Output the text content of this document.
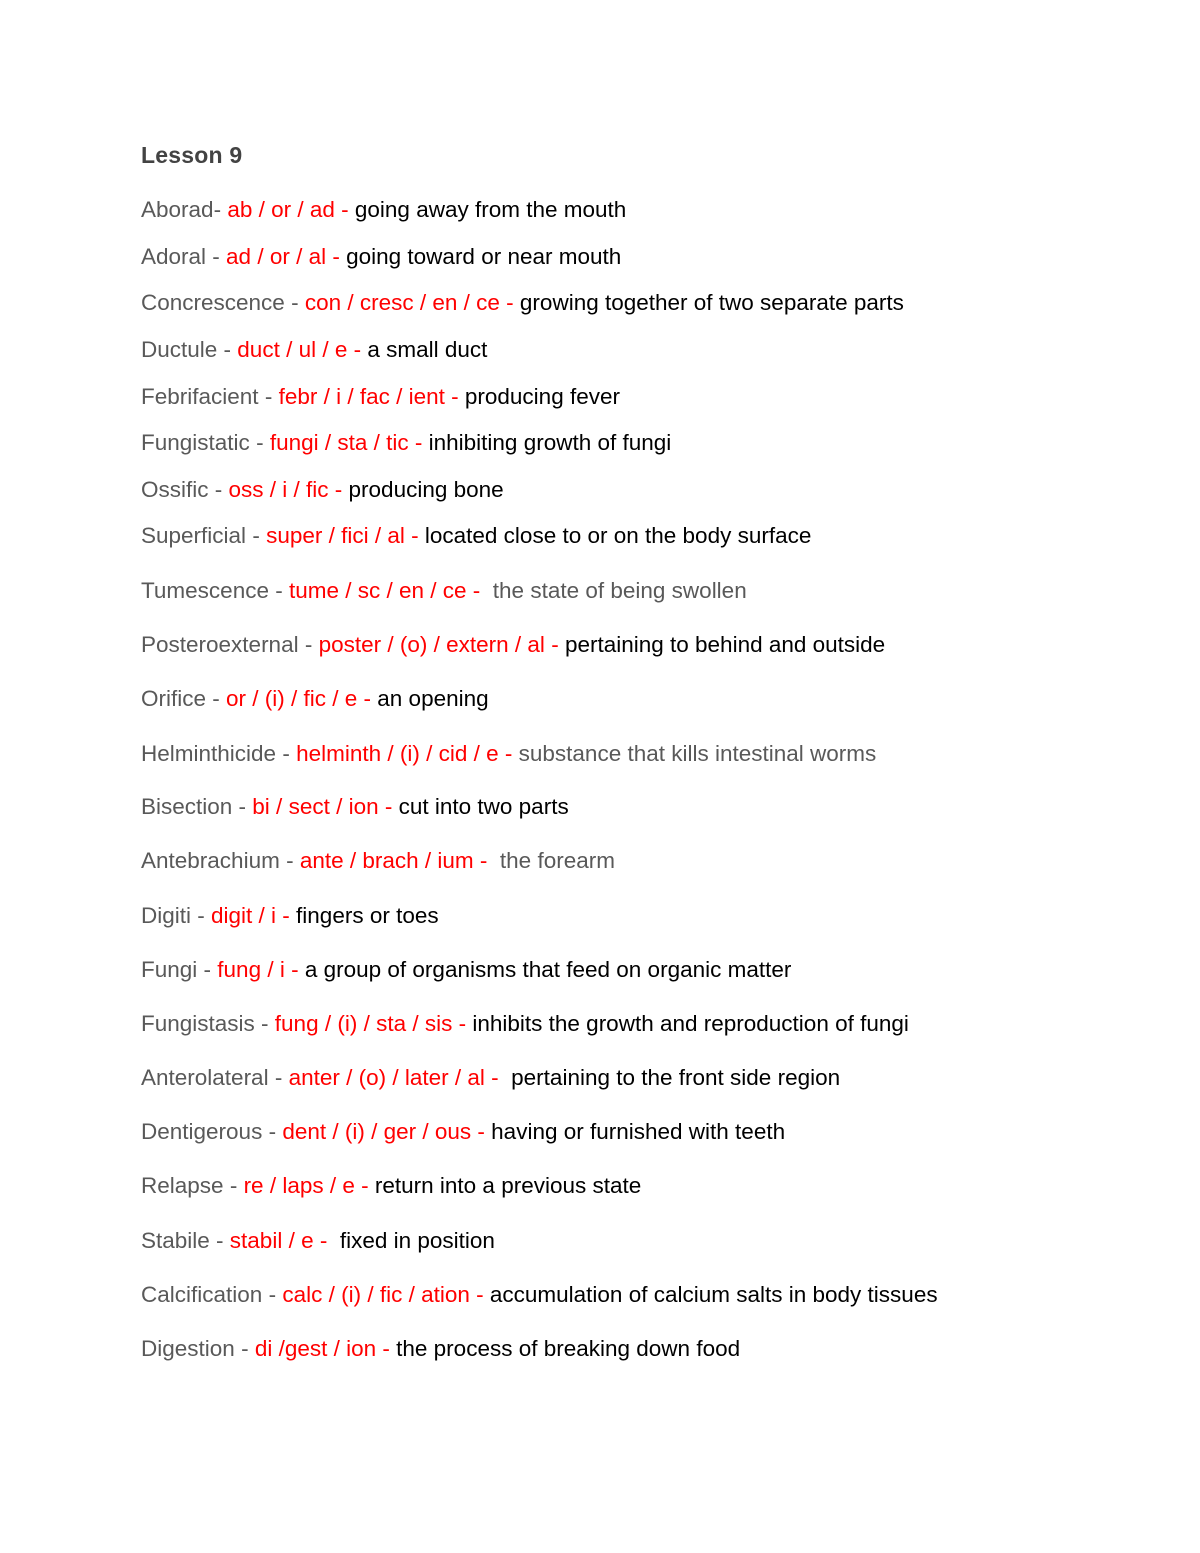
Lesson 9
Aborad- ab / or / ad - going away from the mouth
Adoral - ad / or / al - going toward or near mouth
Concrescence - con / cresc / en / ce - growing together of two separate parts
Ductule - duct / ul / e - a small duct
Febrifacient - febr / i / fac / ient - producing fever
Fungistatic - fungi / sta / tic - inhibiting growth of fungi
Ossific - oss / i / fic - producing bone
Superficial - super / fici / al - located close to or on the body surface
Tumescence - tume / sc / en / ce -  the state of being swollen
Posteroexternal - poster / (o) / extern / al - pertaining to behind and outside
Orifice - or / (i) / fic / e - an opening
Helminthicide - helminth / (i) / cid / e - substance that kills intestinal worms
Bisection - bi / sect / ion - cut into two parts
Antebrachium - ante / brach / ium -  the forearm
Digiti - digit / i - fingers or toes
Fungi - fung / i - a group of organisms that feed on organic matter
Fungistasis - fung / (i) / sta / sis - inhibits the growth and reproduction of fungi
Anterolateral - anter / (o) / later / al -  pertaining to the front side region
Dentigerous - dent / (i) / ger / ous - having or furnished with teeth
Relapse - re / laps / e - return into a previous state
Stabile - stabil / e -  fixed in position
Calcification - calc / (i) / fic / ation - accumulation of calcium salts in body tissues
Digestion - di /gest / ion - the process of breaking down food
